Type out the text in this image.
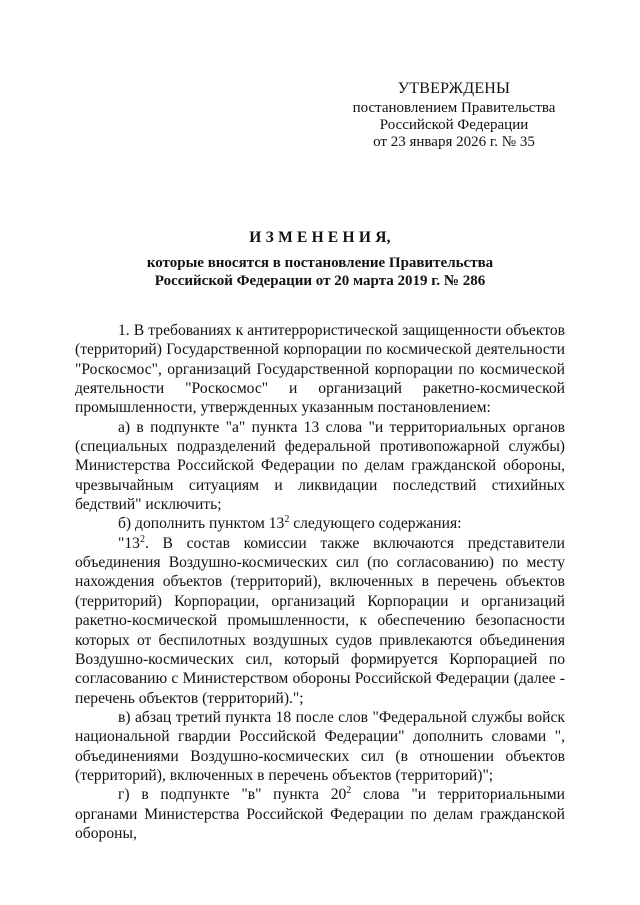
УТВЕРЖДЕНЫ
постановлением Правительства
Российской Федерации
от 23 января 2026 г. № 35
И З М Е Н Е Н И Я,
которые вносятся в постановление Правительства
Российской Федерации от 20 марта 2019 г. № 286

1. В требованиях к антитеррористической защищенности объектов (территорий) Государственной корпорации по космической деятельности "Роскосмос", организаций Государственной корпорации по космической деятельности "Роскосмос" и организаций ракетно-космической промышленности, утвержденных указанным постановлением:

а) в подпункте "а" пункта 13 слова "и территориальных органов (специальных подразделений федеральной противопожарной службы) Министерства Российской Федерации по делам гражданской обороны, чрезвычайным ситуациям и ликвидации последствий стихийных бедствий" исключить;

б) дополнить пунктом $13^2$ следующего содержания:

"$13^2$. В состав комиссии также включаются представители объединения Воздушно-космических сил (по согласованию) по месту нахождения объектов (территорий), включенных в перечень объектов (территорий) Корпорации, организаций Корпорации и организаций ракетно-космической промышленности, к обеспечению безопасности которых от беспилотных воздушных судов привлекаются объединения Воздушно-космических сил, который формируется Корпорацией по согласованию с Министерством обороны Российской Федерации (далее - перечень объектов (территорий).";

в) абзац третий пункта 18 после слов "Федеральной службы войск национальной гвардии Российской Федерации" дополнить словами ", объединениями Воздушно-космических сил (в отношении объектов (территорий), включенных в перечень объектов (территорий)";

г) в подпункте "в" пункта $20^2$ слова "и территориальными органами Министерства Российской Федерации по делам гражданской обороны,
